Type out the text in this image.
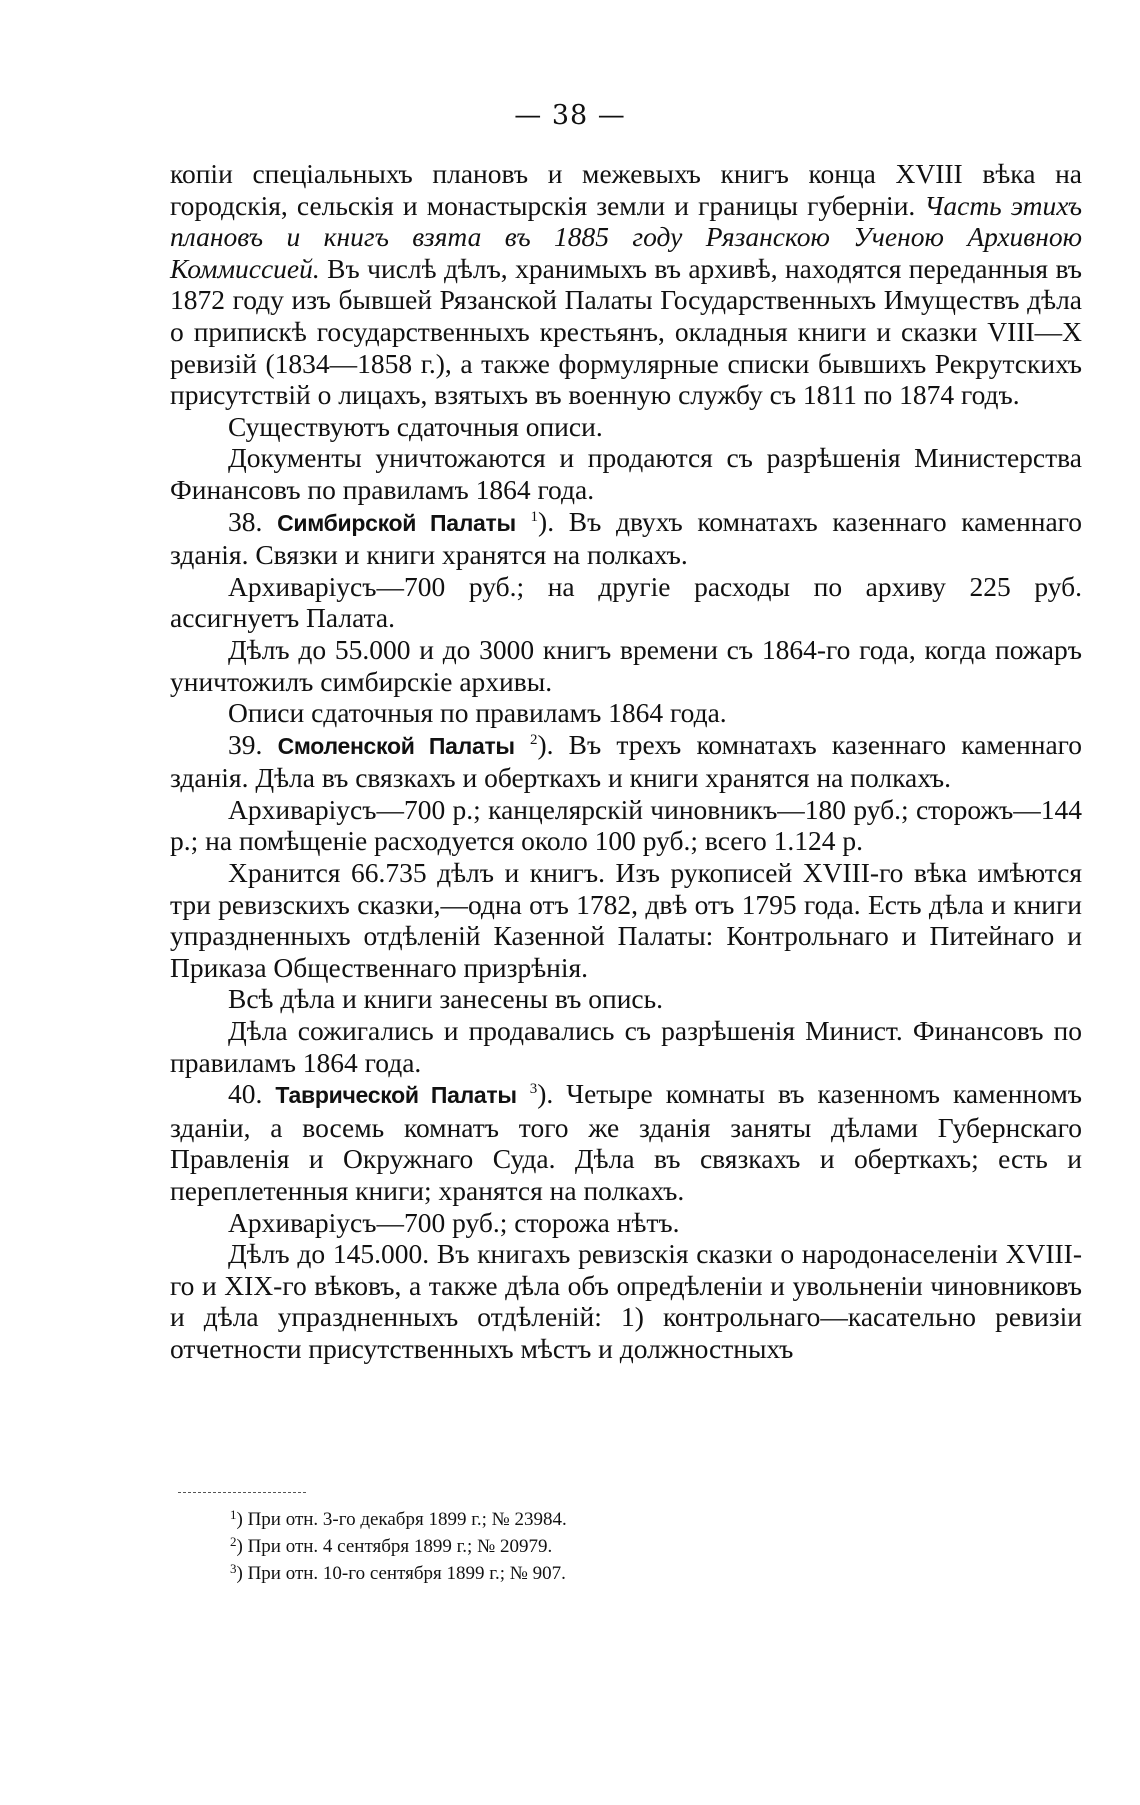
— 38 —

копіи спеціальныхъ плановъ и межевыхъ книгъ конца XVIII вѣка на городскія, сельскія и монастырскія земли и границы губерніи. Часть этихъ плановъ и книгъ взята въ 1885 году Рязанскою Ученою Архивною Коммиссией. Въ числѣ дѣлъ, хранимыхъ въ архивѣ, находятся переданныя въ 1872 году изъ бывшей Рязанской Палаты Государственныхъ Имуществъ дѣла о припискѣ государственныхъ крестьянъ, окладныя книги и сказки VIII—X ревизій (1834—1858 г.), а также формулярные списки бывшихъ Рекрутскихъ присутствій о лицахъ, взятыхъ въ военную службу съ 1811 по 1874 годъ.

Существуютъ сдаточныя описи.

Документы уничтожаются и продаются съ разрѣшенія Министерства Финансовъ по правиламъ 1864 года.

38. Симбирской Палаты $^1$). Въ двухъ комнатахъ казеннаго каменнаго зданія. Связки и книги хранятся на полкахъ.

Архиваріусъ—700 руб.; на другіе расходы по архиву 225 руб. ассигнуетъ Палата.

Дѣлъ до 55.000 и до 3000 книгъ времени съ 1864-го года, когда пожаръ уничтожилъ симбирскіе архивы.

Описи сдаточныя по правиламъ 1864 года.

39. Смоленской Палаты $^2$). Въ трехъ комнатахъ казеннаго каменнаго зданія. Дѣла въ связкахъ и оберткахъ и книги хранятся на полкахъ.

Архиваріусъ—700 р.; канцелярскій чиновникъ—180 руб.; сторожъ—144 р.; на помѣщеніе расходуется около 100 руб.; всего 1.124 р.

Хранится 66.735 дѣлъ и книгъ. Изъ рукописей XVIII-го вѣка имѣются три ревизскихъ сказки,—одна отъ 1782, двѣ отъ 1795 года. Есть дѣла и книги упраздненныхъ отдѣленій Казенной Палаты: Контрольнаго и Питейнаго и Приказа Общественнаго призрѣнія.

Всѣ дѣла и книги занесены въ опись.

Дѣла сожигались и продавались съ разрѣшенія Минист. Финансовъ по правиламъ 1864 года.

40. Таврической Палаты $^3$). Четыре комнаты въ казенномъ каменномъ зданіи, а восемь комнатъ того же зданія заняты дѣлами Губернскаго Правленія и Окружнаго Суда. Дѣла въ связкахъ и оберткахъ; есть и переплетенныя книги; хранятся на полкахъ.

Архиваріусъ—700 руб.; сторожа нѣтъ.

Дѣлъ до 145.000. Въ книгахъ ревизскія сказки о народонаселеніи XVIII-го и XIX-го вѣковъ, а также дѣла объ опредѣленіи и увольненіи чиновниковъ и дѣла упраздненныхъ отдѣленій: 1) контрольнаго—касательно ревизіи отчетности присутственныхъ мѣстъ и должностныхъ

$^1$) При отн. 3-го декабря 1899 г.; № 23984.
$^2$) При отн. 4 сентября 1899 г.; № 20979.
$^3$) При отн. 10-го сентября 1899 г.; № 907.
